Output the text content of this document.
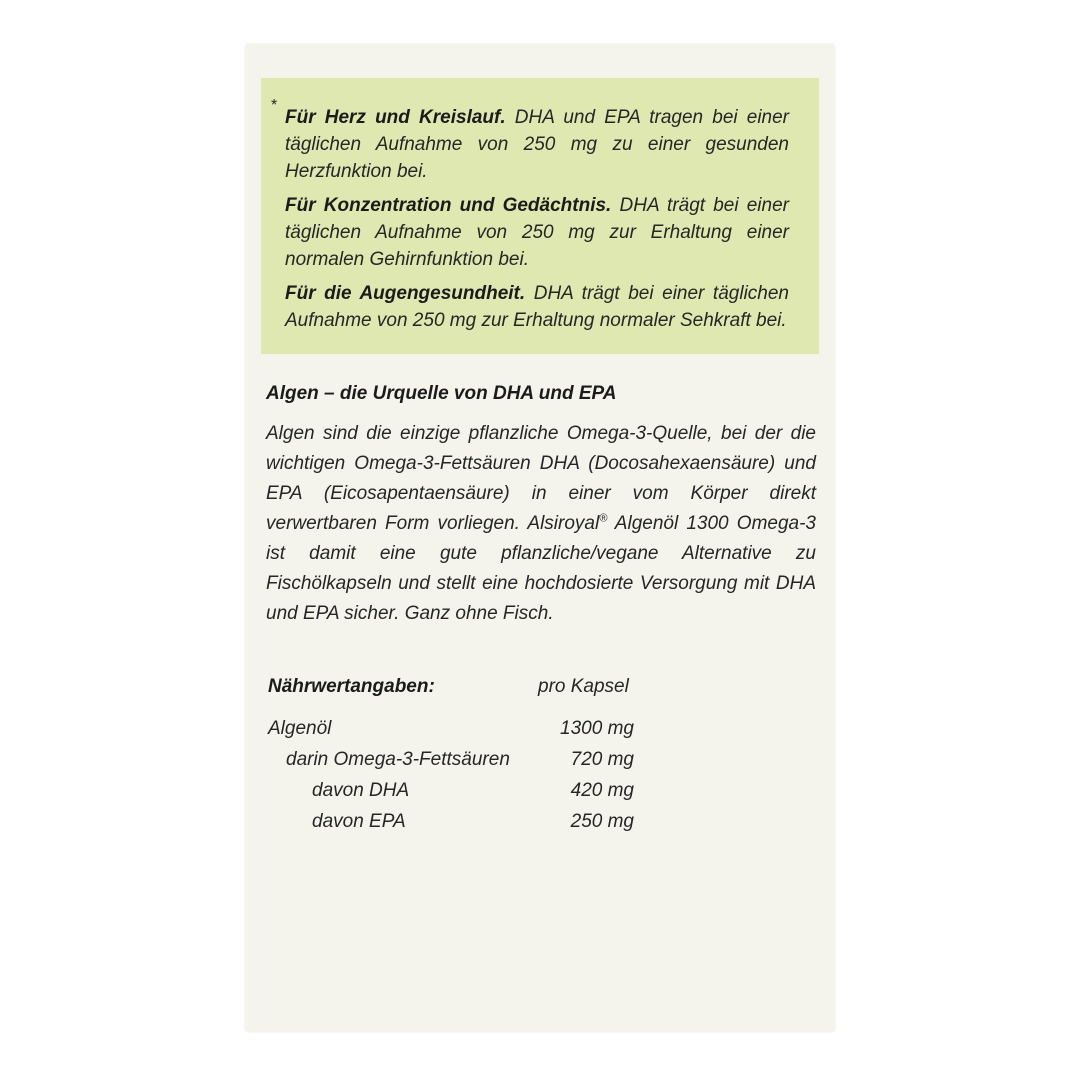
*
Für Herz und Kreislauf. DHA und EPA tragen bei einer täglichen Aufnahme von 250 mg zu einer gesunden Herzfunktion bei.
Für Konzentration und Gedächtnis. DHA trägt bei einer täglichen Aufnahme von 250 mg zur Erhaltung einer normalen Gehirnfunktion bei.
Für die Augengesundheit. DHA trägt bei einer täglichen Aufnahme von 250 mg zur Erhaltung normaler Sehkraft bei.
Algen – die Urquelle von DHA und EPA

Algen sind die einzige pflanzliche Omega-3-Quelle, bei der die wichtigen Omega-3-Fettsäuren DHA (Docosahexaensäure) und EPA (Eicosapentaensäure) in einer vom Körper direkt verwertbaren Form vorliegen. Alsiroyal® Algenöl 1300 Omega-3 ist damit eine gute pflanzliche/vegane Alternative zu Fischölkapseln und stellt eine hochdosierte Versorgung mit DHA und EPA sicher. Ganz ohne Fisch.

Nährwertangaben:	pro Kapsel
Algenöl	1300 mg
darin Omega-3-Fettsäuren	720 mg
davon DHA	420 mg
davon EPA	250 mg
